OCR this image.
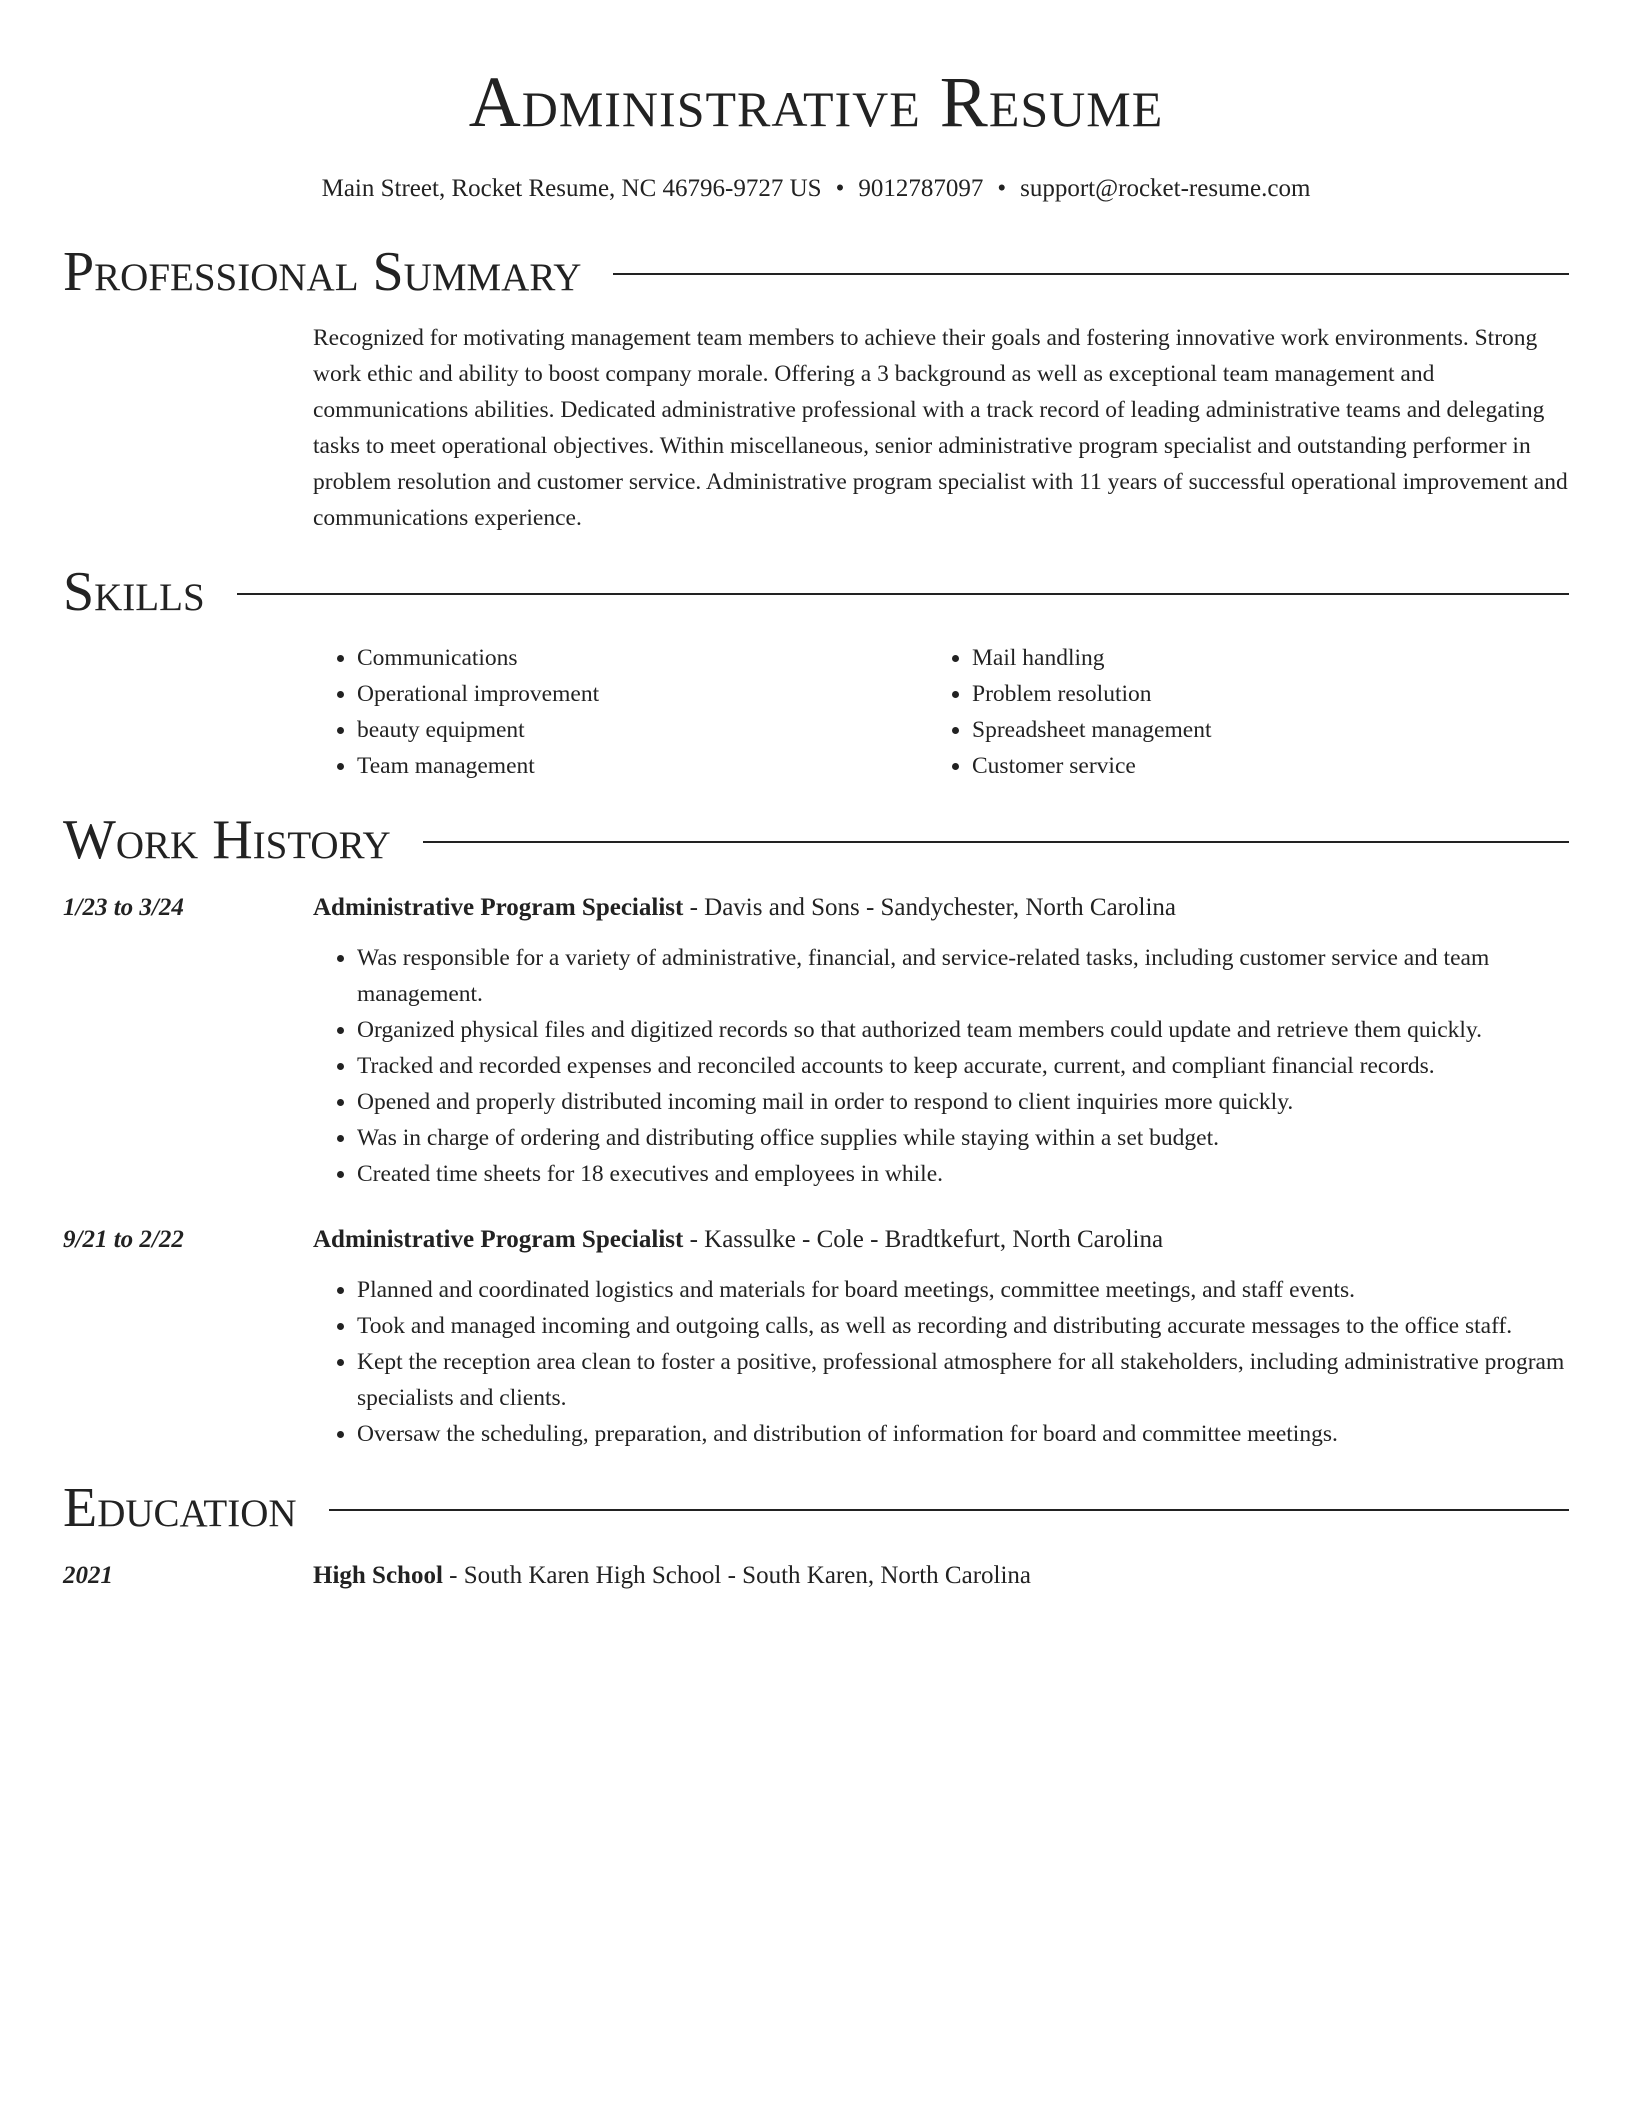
Administrative Resume
Main Street, Rocket Resume, NC 46796-9727 US • 9012787097 • support@rocket-resume.com
Professional Summary
Recognized for motivating management team members to achieve their goals and fostering innovative work environments. Strong work ethic and ability to boost company morale. Offering a 3 background as well as exceptional team management and communications abilities. Dedicated administrative professional with a track record of leading administrative teams and delegating tasks to meet operational objectives. Within miscellaneous, senior administrative program specialist and outstanding performer in problem resolution and customer service. Administrative program specialist with 11 years of successful operational improvement and communications experience.
Skills
• Communications
• Operational improvement
• beauty equipment
• Team management
• Mail handling
• Problem resolution
• Spreadsheet management
• Customer service
Work History
1/23 to 3/24	Administrative Program Specialist - Davis and Sons - Sandychester, North Carolina
• Was responsible for a variety of administrative, financial, and service-related tasks, including customer service and team management.
• Organized physical files and digitized records so that authorized team members could update and retrieve them quickly.
• Tracked and recorded expenses and reconciled accounts to keep accurate, current, and compliant financial records.
• Opened and properly distributed incoming mail in order to respond to client inquiries more quickly.
• Was in charge of ordering and distributing office supplies while staying within a set budget.
• Created time sheets for 18 executives and employees in while.
9/21 to 2/22	Administrative Program Specialist - Kassulke - Cole - Bradtkefurt, North Carolina
• Planned and coordinated logistics and materials for board meetings, committee meetings, and staff events.
• Took and managed incoming and outgoing calls, as well as recording and distributing accurate messages to the office staff.
• Kept the reception area clean to foster a positive, professional atmosphere for all stakeholders, including administrative program specialists and clients.
• Oversaw the scheduling, preparation, and distribution of information for board and committee meetings.
Education
2021	High School - South Karen High School - South Karen, North Carolina
